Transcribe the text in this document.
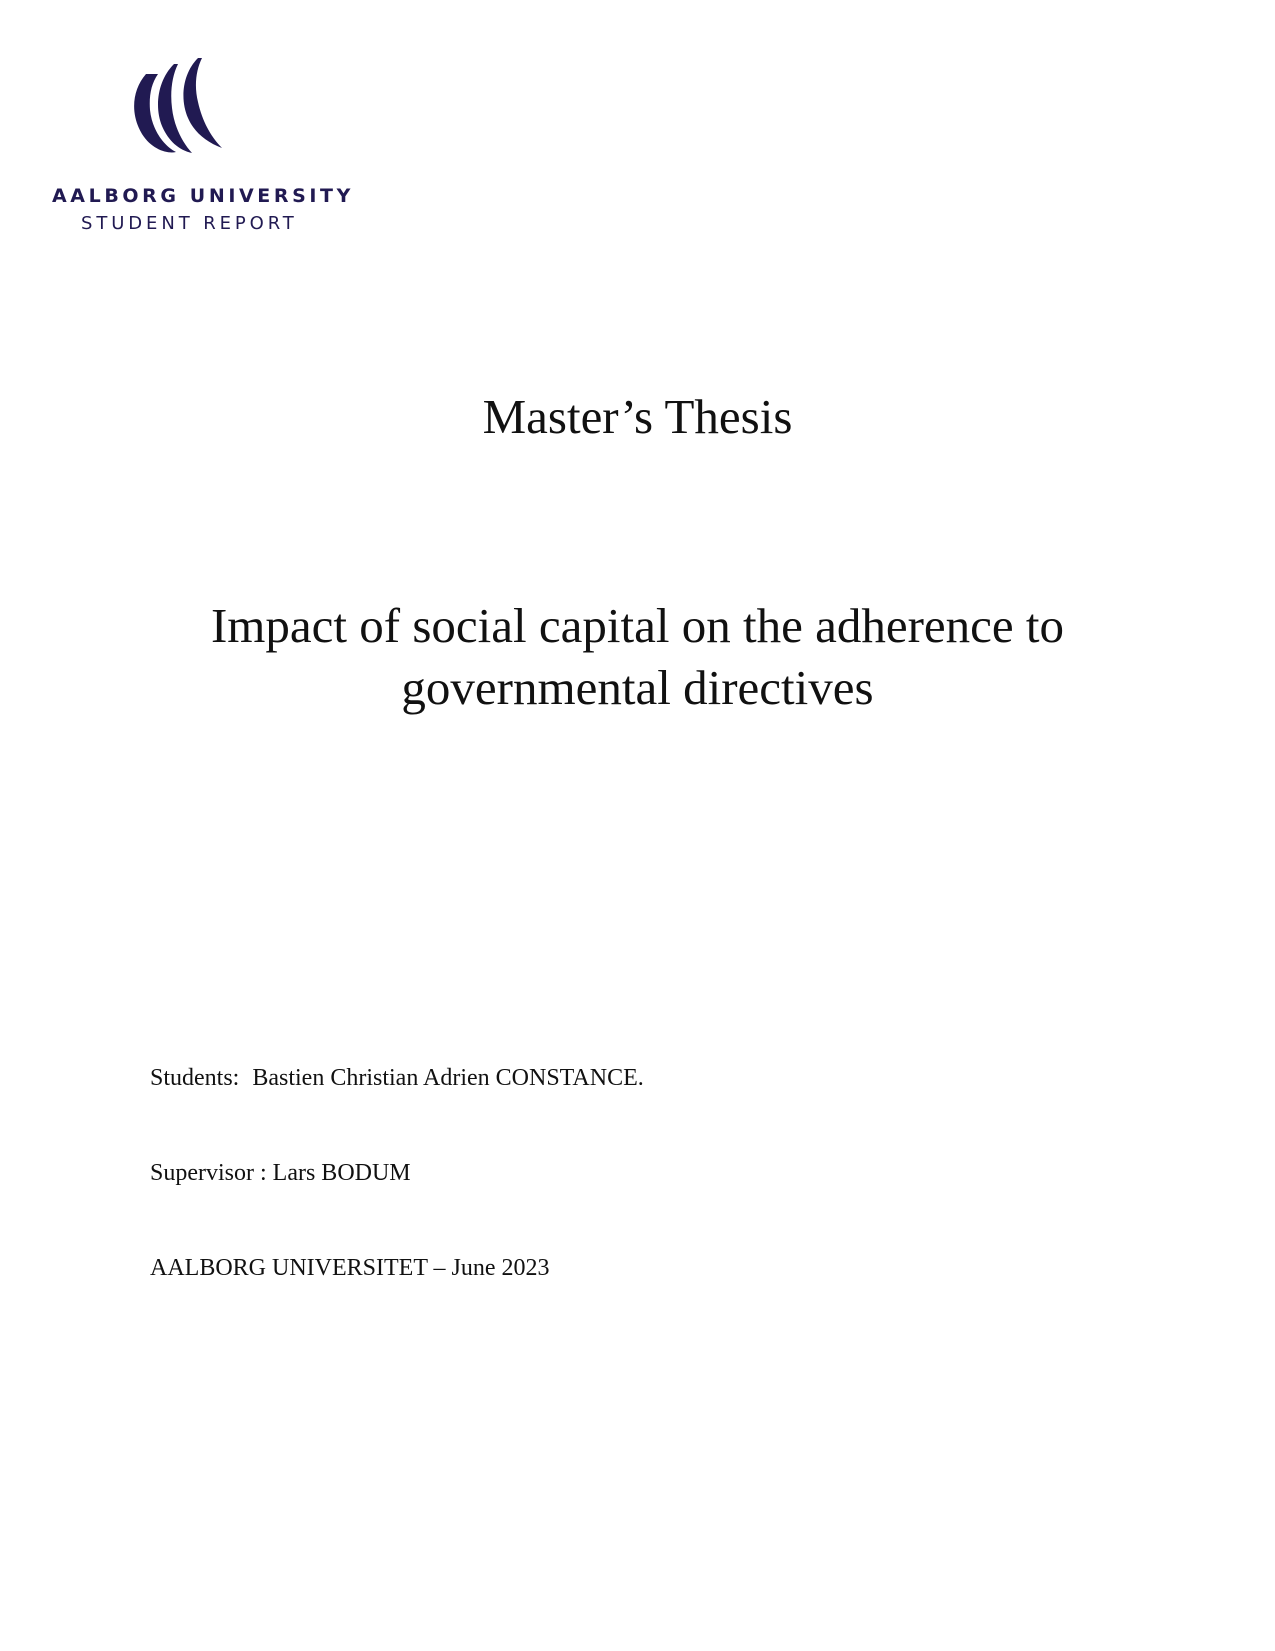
AALBORG UNIVERSITY
STUDENT REPORT
Master’s Thesis
Impact of social capital on the adherence to governmental directives
Students: Bastien Christian Adrien CONSTANCE.
Supervisor : Lars BODUM
AALBORG UNIVERSITET – June 2023
